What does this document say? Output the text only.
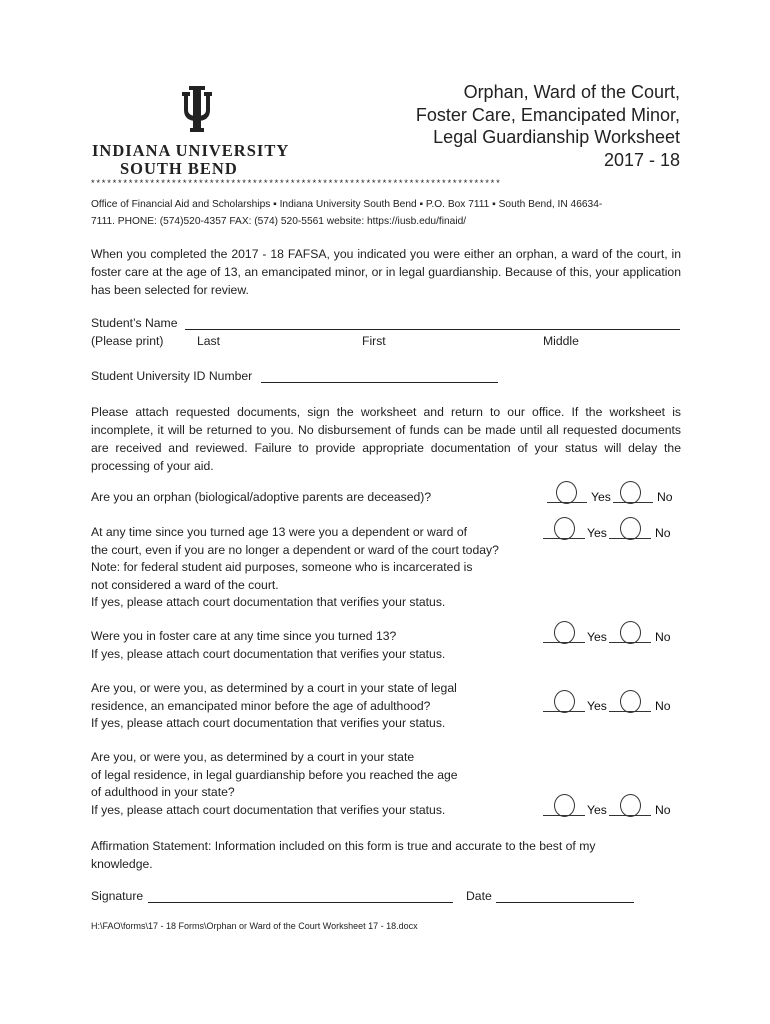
INDIANA UNIVERSITY
SOUTH BEND
Orphan, Ward of the Court,
Foster Care, Emancipated Minor,
Legal Guardianship Worksheet
2017 - 18
****************************************************************************
Office of Financial Aid and Scholarships ▪ Indiana University South Bend ▪ P.O. Box 7111 ▪ South Bend, IN 46634-
7111. PHONE: (574)520-4357 FAX: (574) 520-5561 website: https://iusb.edu/finaid/

When you completed the 2017 - 18 FAFSA, you indicated you were either an orphan, a ward of the court, in foster care at the age of 13, an emancipated minor, or in legal guardianship. Because of this, your application has been selected for review.

Student’s Name
(Please print)	Last	First	Middle
Student University ID Number

Please attach requested documents, sign the worksheet and return to our office. If the worksheet is incomplete, it will be returned to you. No disbursement of funds can be made until all requested documents are received and reviewed. Failure to provide appropriate documentation of your status will delay the processing of your aid.

Are you an orphan (biological/adoptive parents are deceased)?	Yes	No
At any time since you turned age 13 were you a dependent or ward of
the court, even if you are no longer a dependent or ward of the court today?
Note: for federal student aid purposes, someone who is incarcerated is
not considered a ward of the court.
If yes, please attach court documentation that verifies your status.
Yes	No
Were you in foster care at any time since you turned 13?
If yes, please attach court documentation that verifies your status.
Yes	No
Are you, or were you, as determined by a court in your state of legal
residence, an emancipated minor before the age of adulthood?
If yes, please attach court documentation that verifies your status.
Yes	No
Are you, or were you, as determined by a court in your state
of legal residence, in legal guardianship before you reached the age
of adulthood in your state?
If yes, please attach court documentation that verifies your status.	Yes	No

Affirmation Statement: Information included on this form is true and accurate to the best of my knowledge.

Signature	Date
H:\FAO\forms\17 - 18 Forms\Orphan or Ward of the Court Worksheet 17 - 18.docx
